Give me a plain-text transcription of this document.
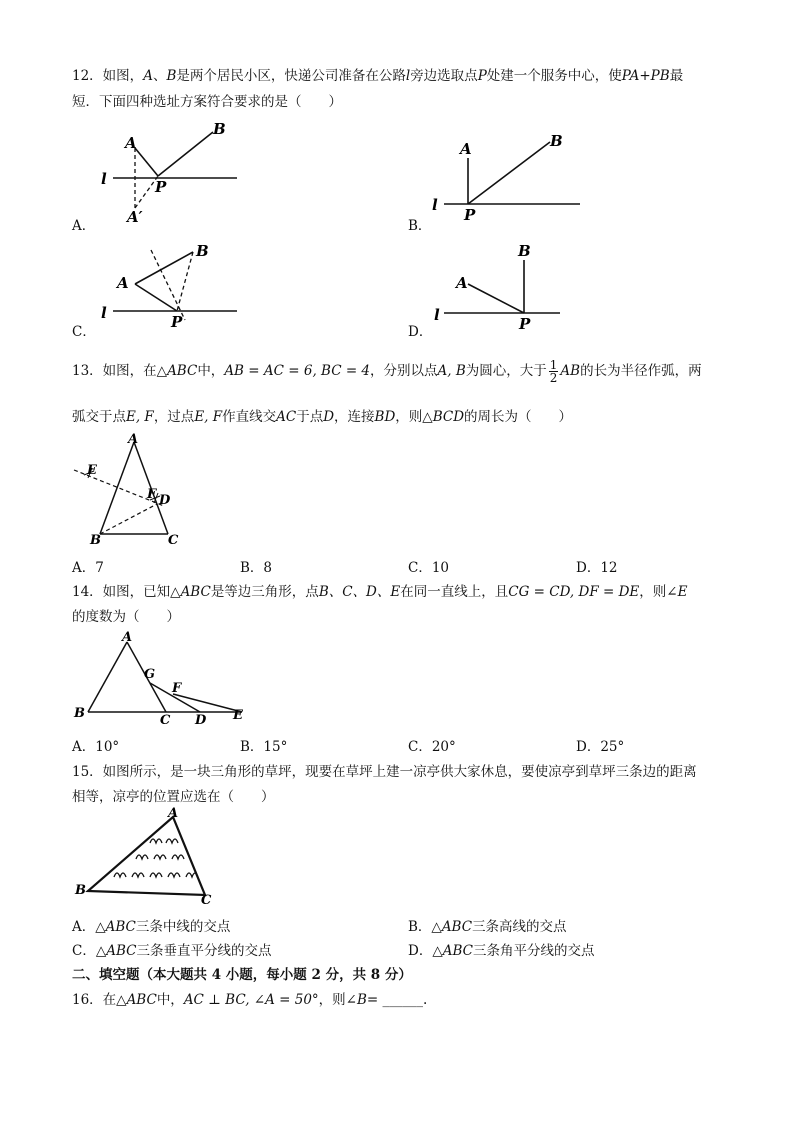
12．如图，A、B是两个居民小区，快递公司准备在公路l旁边选取点P处建一个服务中心，使PA+PB最
短．下面四种选址方案符合要求的是（　　）
A
B
P
l
A′
A．
A	B
P
l
B．
A
B
P
l
C．
A
B
P
l
D．
13．如图，在△ABC中，AB = AC = 6, BC = 4，分别以点A, B为圆心，大于 $\frac{1}{2}$ AB的长为半径作弧，两
弧交于点E, F，过点E, F作直线交AC于点D，连接BD，则△BCD的周长为（　　）
A
B	C
D
E
F
A．7	B．8	C．10	D．12
14．如图，已知△ABC是等边三角形，点B、C、D、E在同一直线上，且CG = CD, DF = DE，则∠E
的度数为（　　）
A
B	C D E
F
G
A．10°	B．15°	C．20°	D．25°
15．如图所示，是一块三角形的草坪，现要在草坪上建一凉亭供大家休息，要使凉亭到草坪三条边的距离
相等，凉亭的位置应选在（　　）
A
B
C
A．△ABC三条中线的交点	B．△ABC三条高线的交点
C．△ABC三条垂直平分线的交点	D．△ABC三条角平分线的交点
二、填空题（本大题共 4 小题，每小题 2 分，共 8 分）
16．在△ABC中，AC ⊥ BC, ∠A = 50°，则∠B= ______.
